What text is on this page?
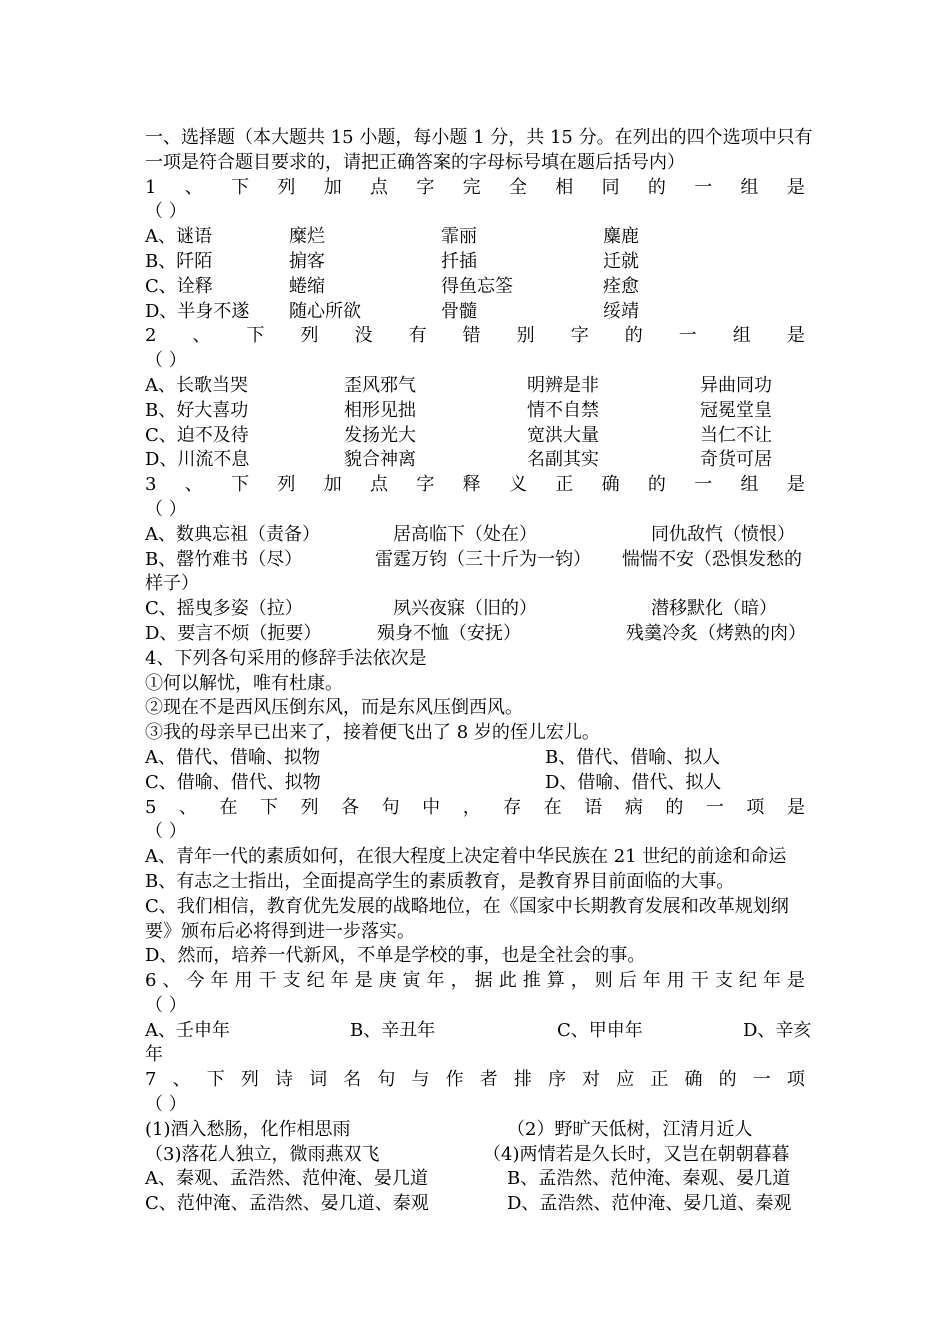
一、选择题（本大题共 15 小题，每小题 1 分，共 15 分。在列出的四个选项中只有
一项是符合题目要求的，请把正确答案的字母标号填在题后括号内）
1 、 下 列 加 点 字 完 全 相 同 的 一 组 是
（ ）
A、谜语	糜烂	霏丽	麋鹿
B、阡陌	掮客	扦插	迁就
C、诠释	蜷缩	得鱼忘筌	痊愈
D、半身不遂 随心所欲	骨髓	绥靖
2 、 下 列 没 有 错 别 字 的 一 组 是
（ ）
A、长歌当哭	歪风邪气	明辨是非	异曲同功
B、好大喜功	相形见拙	情不自禁	冠冕堂皇
C、迫不及待	发扬光大	宽洪大量	当仁不让
D、川流不息	貌合神离	名副其实	奇货可居
3 、 下 列 加 点 字 释 义 正 确 的 一 组 是
（ ）
A、数典忘祖（责备）	居高临下（处在）	同仇敌忾（愤恨）
B、罄竹难书（尽）	雷霆万钧（三十斤为一钧） 惴惴不安（恐惧发愁的
样子）
C、摇曳多姿（拉）	夙兴夜寐（旧的）	潜移默化（暗）
D、要言不烦（扼要）	殒身不恤（安抚）	残羹冷炙（烤熟的肉）
4、下列各句采用的修辞手法依次是
①何以解忧，唯有杜康。
②现在不是西风压倒东风，而是东风压倒西风。
③我的母亲早已出来了，接着便飞出了 8 岁的侄儿宏儿。
A、借代、借喻、拟物	B、借代、借喻、拟人
C、借喻、借代、拟物	D、借喻、借代、拟人
5 、 在 下 列 各 句 中 ， 存 在 语 病 的 一 项 是
（ ）
A、青年一代的素质如何，在很大程度上决定着中华民族在 21 世纪的前途和命运
B、有志之士指出，全面提高学生的素质教育，是教育界目前面临的大事。
C、我们相信，教育优先发展的战略地位，在《国家中长期教育发展和改革规划纲
要》颁布后必将得到进一步落实。
D、然而，培养一代新风，不单是学校的事，也是全社会的事。
6 、 今 年 用 干 支 纪 年 是 庚 寅 年 ， 据 此 推 算 ， 则 后 年 用 干 支 纪 年 是
（ ）
A、壬申年	B、辛丑年	C、甲申年	D、辛亥
年
7 、 下 列 诗 词 名 句 与 作 者 排 序 对 应 正 确 的 一 项
（ ）
(1)酒入愁肠，化作相思雨	（2）野旷天低树，江清月近人
（3)落花人独立，微雨燕双飞	（4)两情若是久长时，又岂在朝朝暮暮
A、秦观、孟浩然、范仲淹、晏几道	B、孟浩然、范仲淹、秦观、晏几道
C、范仲淹、孟浩然、晏几道、秦观	D、孟浩然、范仲淹、晏几道、秦观
